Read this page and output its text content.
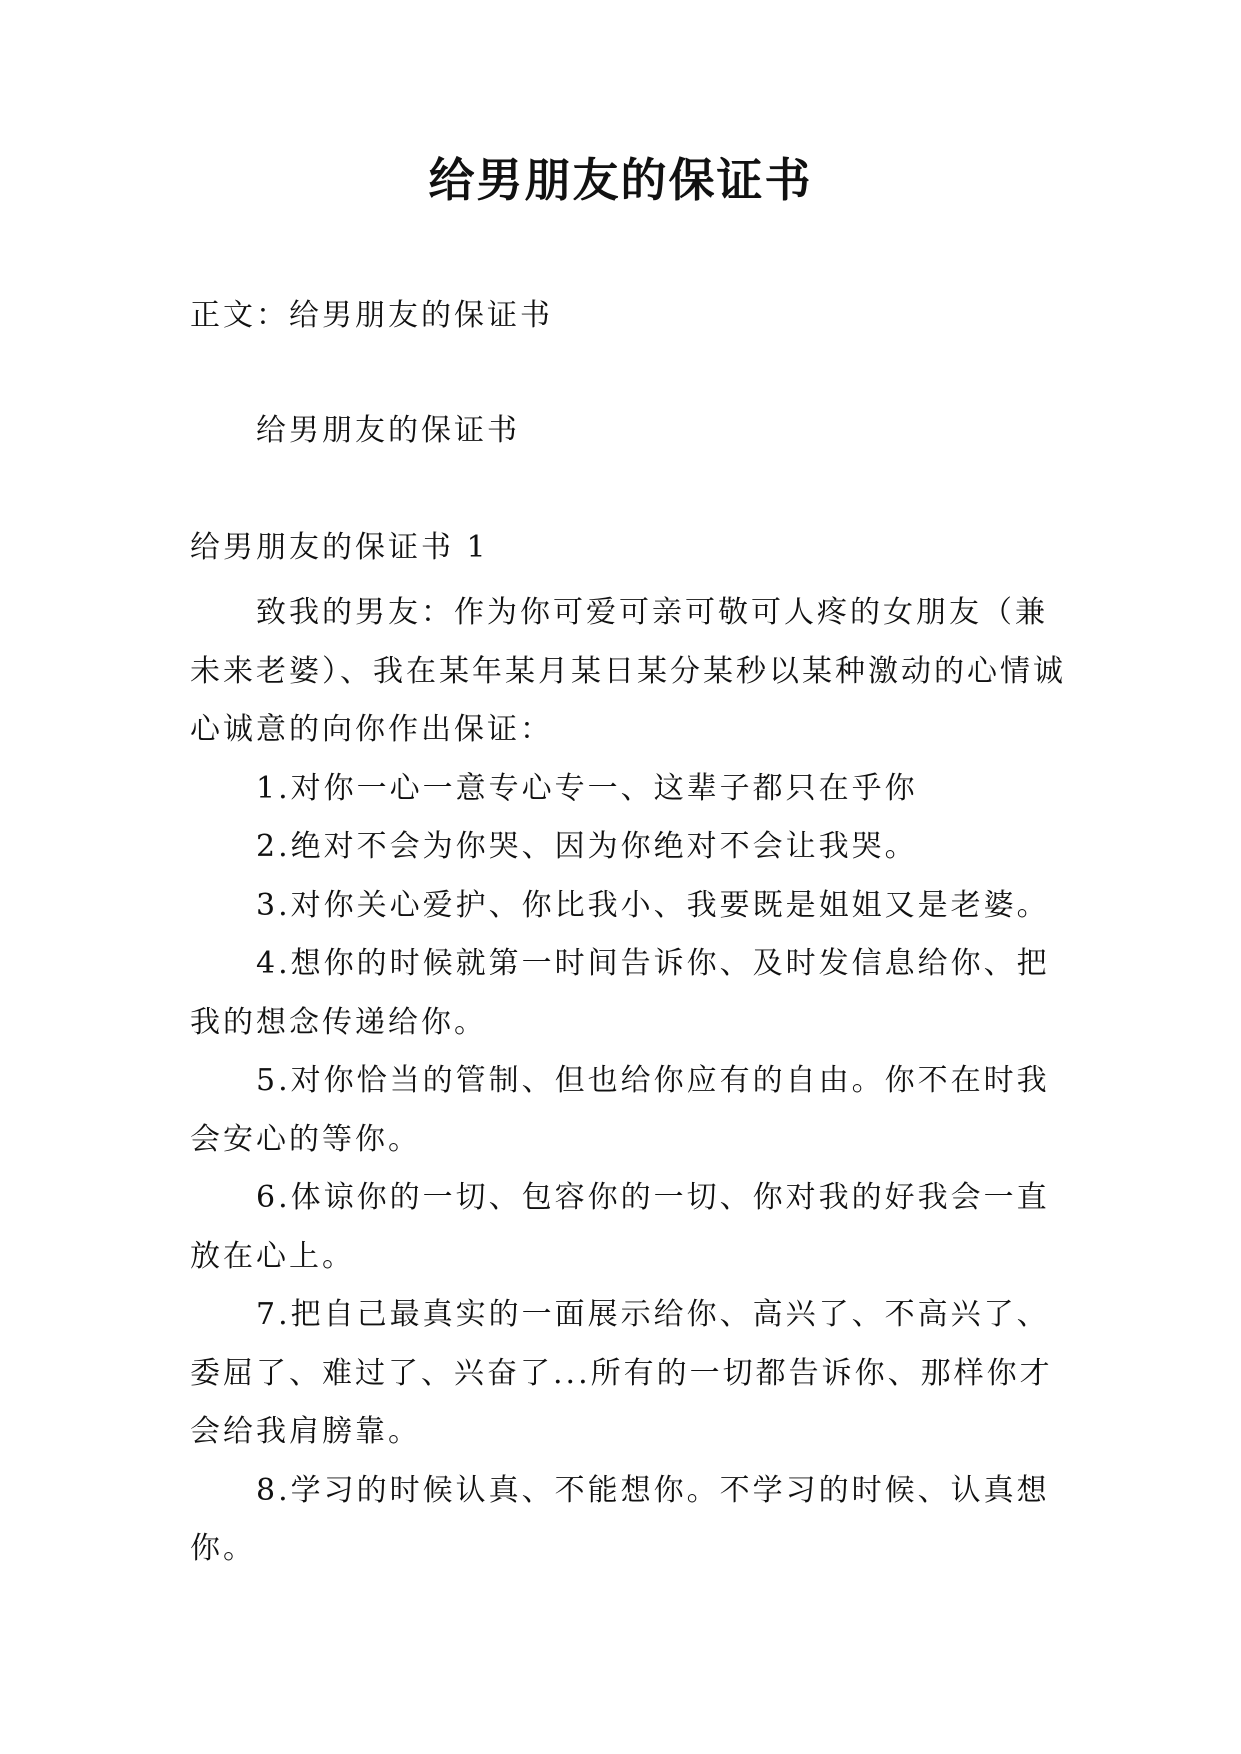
给男朋友的保证书
正文：给男朋友的保证书
给男朋友的保证书
给男朋友的保证书 1

致我的男友：作为你可爱可亲可敬可人疼的女朋友（兼未来老婆）、我在某年某月某日某分某秒以某种激动的心情诚心诚意的向你作出保证：

1.对你一心一意专心专一、这辈子都只在乎你

2.绝对不会为你哭、因为你绝对不会让我哭。

3.对你关心爱护、你比我小、我要既是姐姐又是老婆。

4.想你的时候就第一时间告诉你、及时发信息给你、把我的想念传递给你。

5.对你恰当的管制、但也给你应有的自由。你不在时我会安心的等你。

6.体谅你的一切、包容你的一切、你对我的好我会一直放在心上。

7.把自己最真实的一面展示给你、高兴了、不高兴了、委屈了、难过了、兴奋了...所有的一切都告诉你、那样你才会给我肩膀靠。

8.学习的时候认真、不能想你。不学习的时候、认真想你。
